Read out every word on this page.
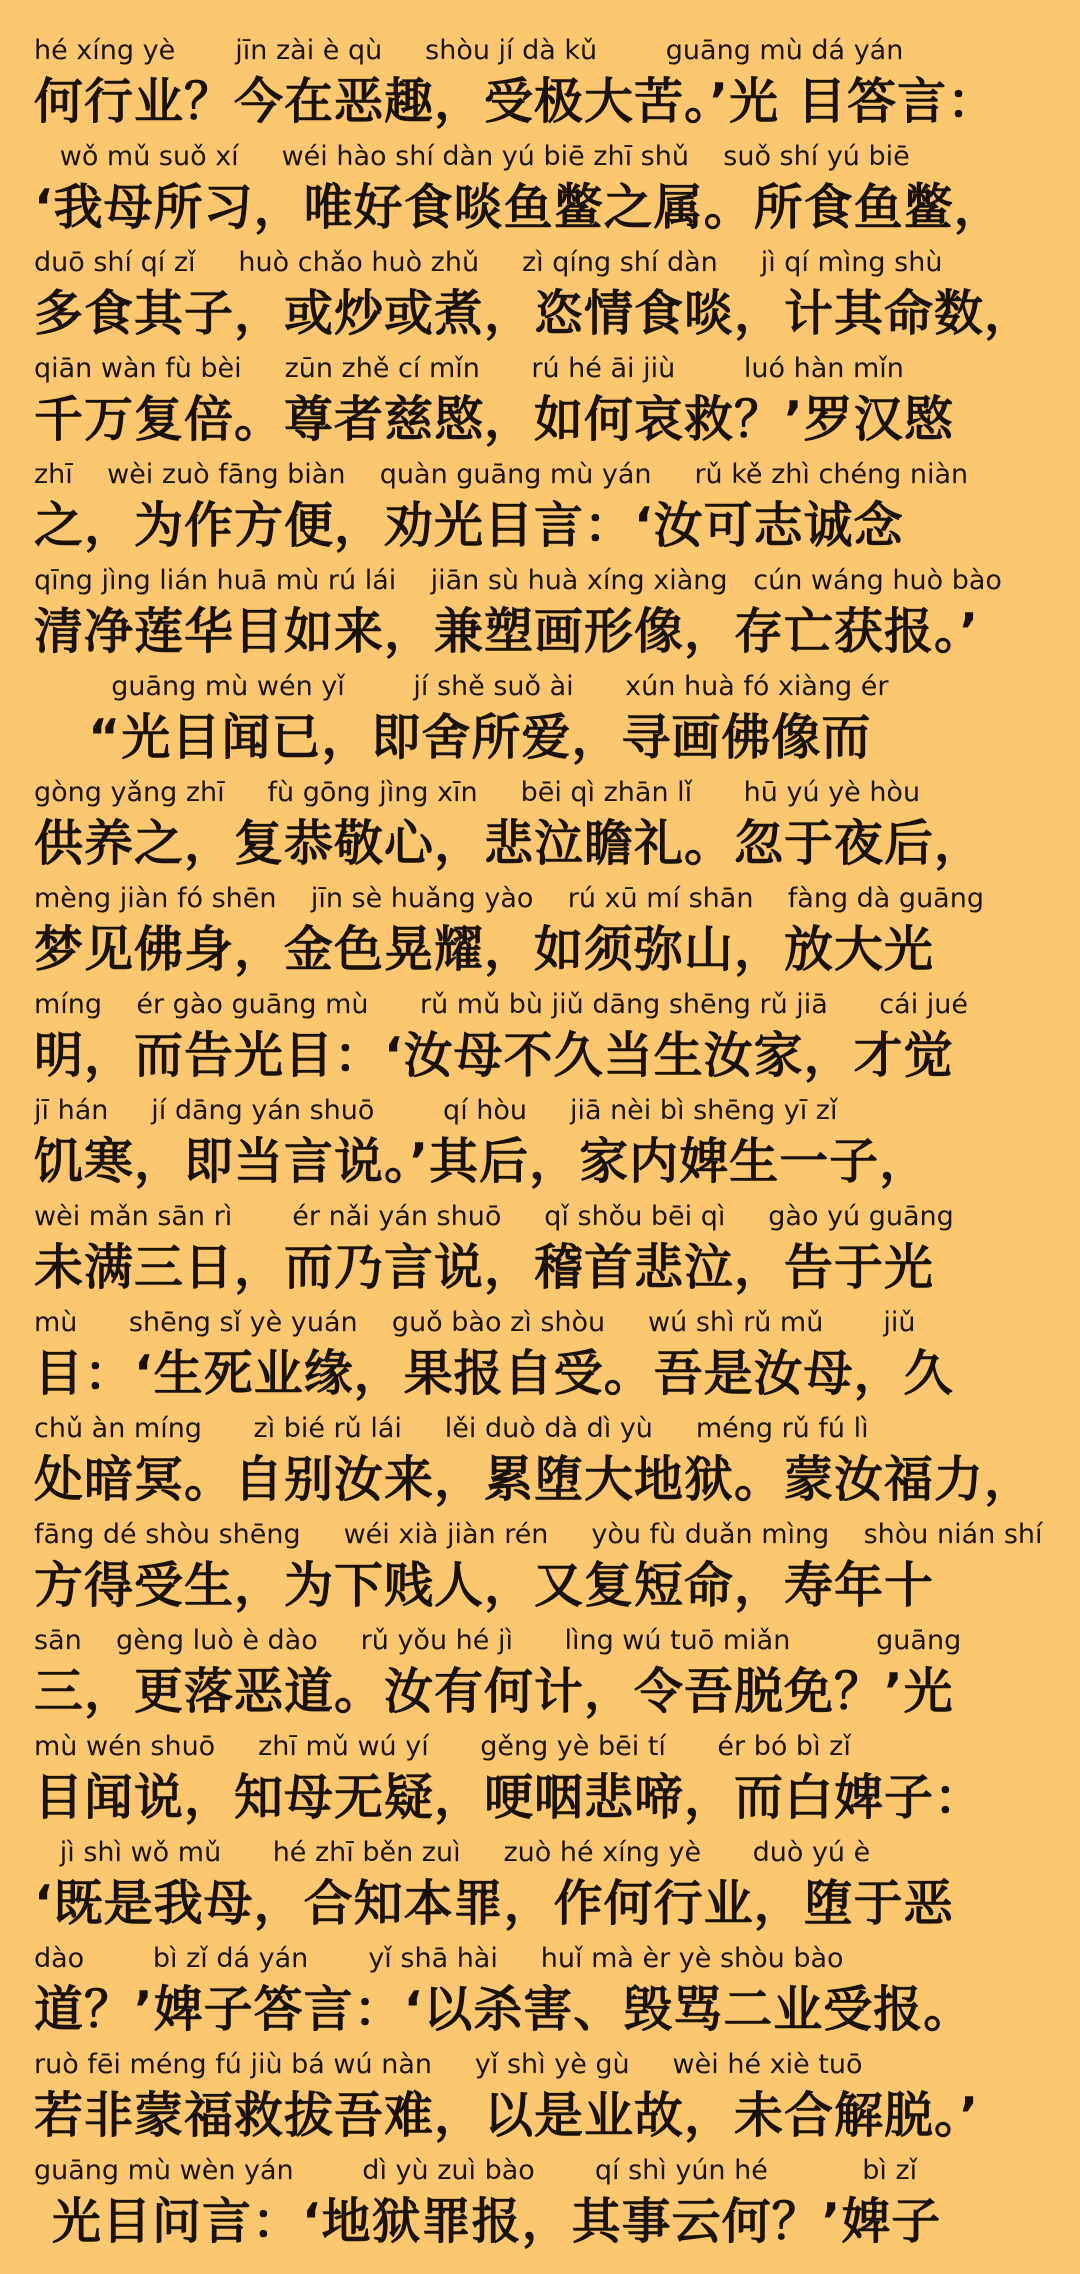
hé xíng yè       jīn zài è qù     shòu jí dà kǔ        guāng mù dá yán
何行业？今在恶趣，受极大苦。’光 目答言：
wǒ mǔ suǒ xí     wéi hào shí dàn yú biē zhī shǔ    suǒ shí yú biē
‘我母所习，唯好食啖鱼鳖之属。所食鱼鳖，
duō shí qí zǐ     huò chǎo huò zhǔ     zì qíng shí dàn     jì qí mìng shù
多食其子，或炒或煮，恣情食啖，计其命数，
qiān wàn fù bèi     zūn zhě cí mǐn      rú hé āi jiù        luó hàn mǐn
千万复倍。尊者慈愍，如何哀救？’罗汉愍
zhī    wèi zuò fāng biàn    quàn guāng mù yán     rǔ kě zhì chéng niàn
之，为作方便，劝光目言：‘汝可志诚念
qīng jìng lián huā mù rú lái    jiān sù huà xíng xiàng   cún wáng huò bào
清净莲华目如来，兼塑画形像，存亡获报。’
guāng mù wén yǐ        jí shě suǒ ài      xún huà fó xiàng ér
“光目闻已，即舍所爱，寻画佛像而
gòng yǎng zhī     fù gōng jìng xīn     bēi qì zhān lǐ      hū yú yè hòu
供养之，复恭敬心，悲泣瞻礼。忽于夜后，
mèng jiàn fó shēn    jīn sè huǎng yào    rú xū mí shān    fàng dà guāng
梦见佛身，金色晃耀，如须弥山，放大光
míng    ér gào guāng mù      rǔ mǔ bù jiǔ dāng shēng rǔ jiā      cái jué
明，而告光目：‘汝母不久当生汝家，才觉
jī hán     jí dāng yán shuō        qí hòu     jiā nèi bì shēng yī zǐ
饥寒，即当言说。’其后，家内婢生一子，
wèi mǎn sān rì       ér nǎi yán shuō     qǐ shǒu bēi qì     gào yú guāng
未满三日，而乃言说，稽首悲泣，告于光
mù      shēng sǐ yè yuán    guǒ bào zì shòu     wú shì rǔ mǔ       jiǔ
目：‘生死业缘，果报自受。吾是汝母，久
chǔ àn míng      zì bié rǔ lái     lěi duò dà dì yù     méng rǔ fú lì
处暗冥。自别汝来，累堕大地狱。蒙汝福力，
fāng dé shòu shēng     wéi xià jiàn rén     yòu fù duǎn mìng    shòu nián shí
方得受生，为下贱人，又复短命，寿年十
sān    gèng luò è dào     rǔ yǒu hé jì      lìng wú tuō miǎn          guāng
三，更落恶道。汝有何计，令吾脱免？’光
mù wén shuō     zhī mǔ wú yí      gěng yè bēi tí      ér bó bì zǐ
目闻说，知母无疑，哽咽悲啼，而白婢子：
jì shì wǒ mǔ      hé zhī běn zuì     zuò hé xíng yè      duò yú è
‘既是我母，合知本罪，作何行业，堕于恶
dào        bì zǐ dá yán       yǐ shā hài     huǐ mà èr yè shòu bào
道？’婢子答言：‘以杀害、毁骂二业受报。
ruò fēi méng fú jiù bá wú nàn     yǐ shì yè gù     wèi hé xiè tuō
若非蒙福救拔吾难，以是业故，未合解脱。’
guāng mù wèn yán        dì yù zuì bào       qí shì yún hé           bì zǐ
光目问言：‘地狱罪报，其事云何？’婢子
